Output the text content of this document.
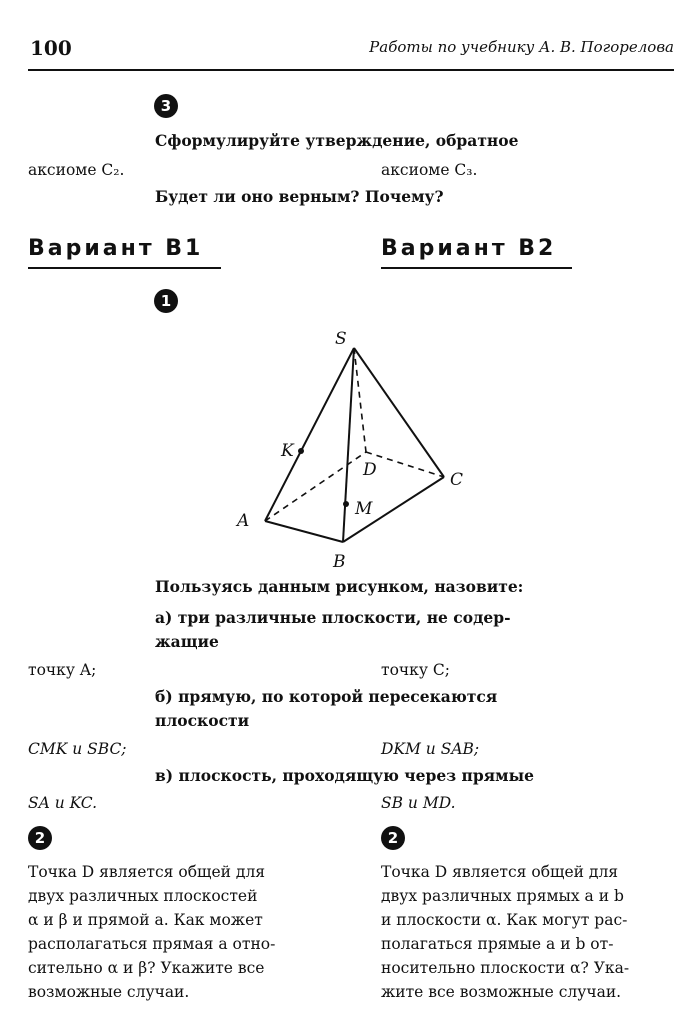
100	Работы по учебнику А. В. Погорелова
3
Сформулируйте утверждение, обратное
аксиоме C₂.	аксиоме C₃.
Будет ли оно верным? Почему?
Вариант В1	Вариант В2
1
S
K
D	C
A
M
B
Пользуясь данным рисунком, назовите:
а) три различные плоскости, не содер-
жащие
точку A;	точку C;
б) прямую, по которой пересекаются
плоскости
CMK и SBC;	DKM и SAB;
в) плоскость, проходящую через прямые
SA и KC.	SB и MD.
2	2
Точка D является общей для
двух различных плоскостей
α и β и прямой a. Как может
располагаться прямая a отно-
сительно α и β? Укажите все
возможные случаи.
Точка D является общей для
двух различных прямых a и b
и плоскости α. Как могут рас-
полагаться прямые a и b от-
носительно плоскости α? Ука-
жите все возможные случаи.
